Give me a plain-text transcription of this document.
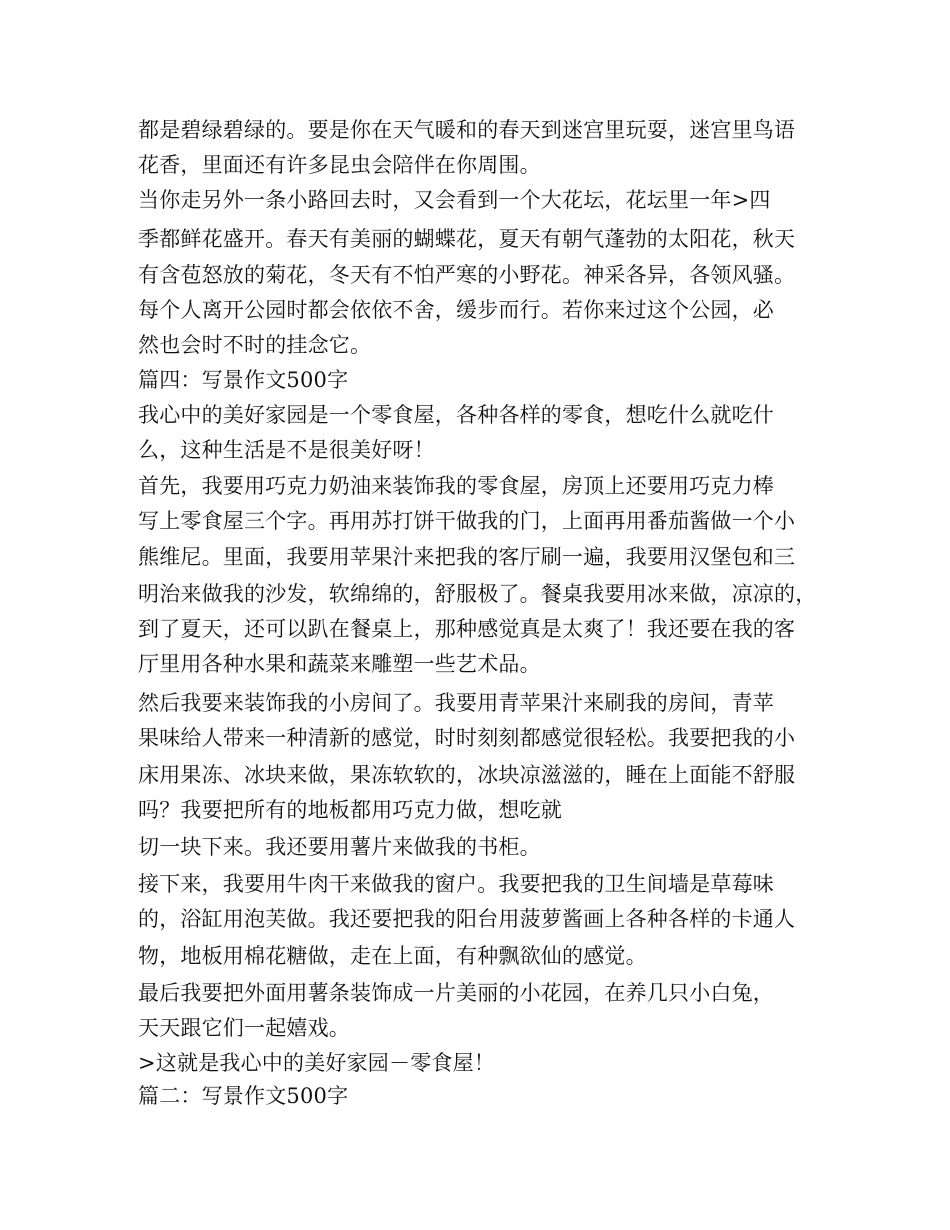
都是碧绿碧绿的。要是你在天气暖和的春天到迷宫里玩耍，迷宫里鸟语
花香，里面还有许多昆虫会陪伴在你周围。
当你走另外一条小路回去时，又会看到一个大花坛，花坛里一年>四
季都鲜花盛开。春天有美丽的蝴蝶花，夏天有朝气蓬勃的太阳花，秋天
有含苞怒放的菊花，冬天有不怕严寒的小野花。神采各异，各领风骚。
每个人离开公园时都会依依不舍，缓步而行。若你来过这个公园，必
然也会时不时的挂念它。
篇四：写景作文500字
我心中的美好家园是一个零食屋，各种各样的零食，想吃什么就吃什
么，这种生活是不是很美好呀！
首先，我要用巧克力奶油来装饰我的零食屋，房顶上还要用巧克力棒
写上零食屋三个字。再用苏打饼干做我的门，上面再用番茄酱做一个小
熊维尼。里面，我要用苹果汁来把我的客厅刷一遍，我要用汉堡包和三
明治来做我的沙发，软绵绵的，舒服极了。餐桌我要用冰来做，凉凉的，
到了夏天，还可以趴在餐桌上，那种感觉真是太爽了！我还要在我的客
厅里用各种水果和蔬菜来雕塑一些艺术品。
然后我要来装饰我的小房间了。我要用青苹果汁来刷我的房间，青苹
果味给人带来一种清新的感觉，时时刻刻都感觉很轻松。我要把我的小
床用果冻、冰块来做，果冻软软的，冰块凉滋滋的，睡在上面能不舒服
吗？我要把所有的地板都用巧克力做，想吃就
切一块下来。我还要用薯片来做我的书柜。
接下来，我要用牛肉干来做我的窗户。我要把我的卫生间墙是草莓味
的，浴缸用泡芙做。我还要把我的阳台用菠萝酱画上各种各样的卡通人
物，地板用棉花糖做，走在上面，有种飘欲仙的感觉。
最后我要把外面用薯条装饰成一片美丽的小花园，在养几只小白兔，
天天跟它们一起嬉戏。
>这就是我心中的美好家园－零食屋！
篇二：写景作文500字
